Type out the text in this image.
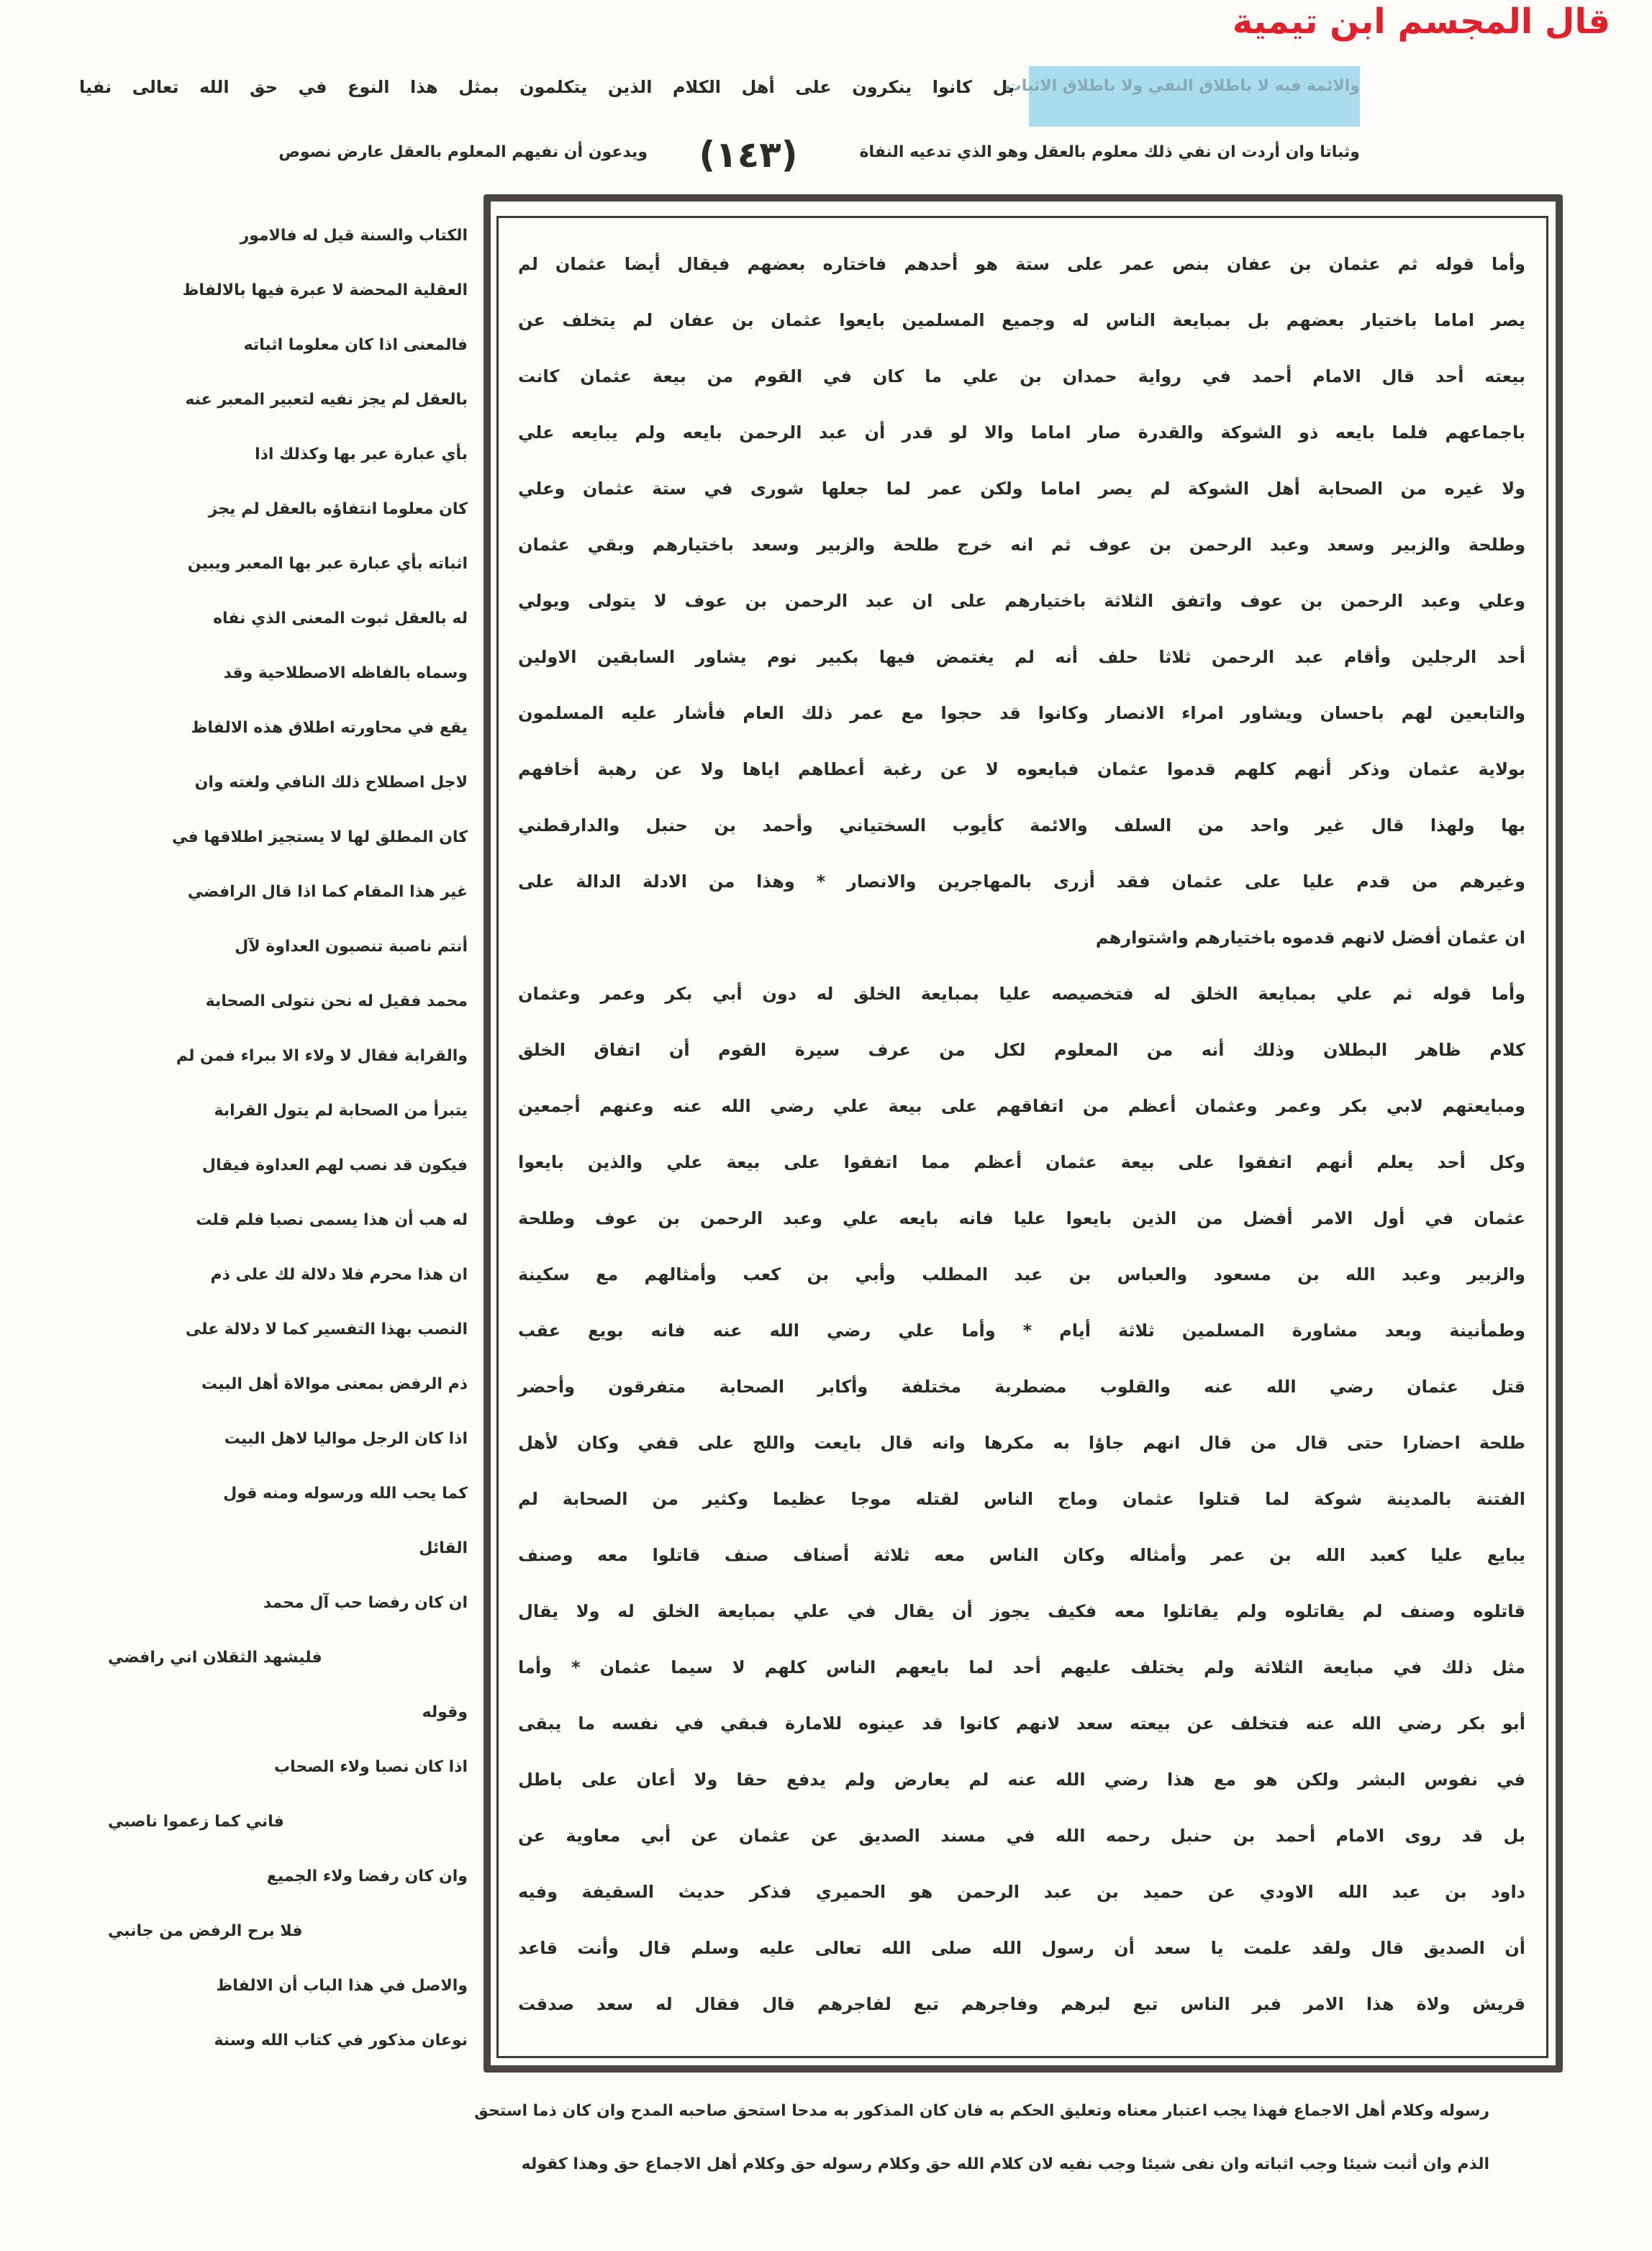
قال المجسم ابن تيمية
والائمة فيه لا باطلاق النفي ولا باطلاق الاثبات
بل كانوا ينكرون على أهل الكلام الذين يتكلمون بمثل هذا النوع في حق الله تعالى نفيا
وثباتا وان أردت ان نفي ذلك معلوم بالعقل وهو الذي تدعيه النفاة
(١٤٣)
ويدعون أن نفيهم المعلوم بالعقل عارض نصوص
وأما قوله ثم عثمان بن عفان بنص عمر على ستة هو أحدهم فاختاره بعضهم فيقال أيضا عثمان لم
يصر اماما باختيار بعضهم بل بمبايعة الناس له وجميع المسلمين بايعوا عثمان بن عفان لم يتخلف عن
بيعته أحد قال الامام أحمد في رواية حمدان بن علي ما كان في القوم من بيعة عثمان كانت
باجماعهم فلما بايعه ذو الشوكة والقدرة صار اماما والا لو قدر أن عبد الرحمن بايعه ولم يبايعه علي
ولا غيره من الصحابة أهل الشوكة لم يصر اماما ولكن عمر لما جعلها شورى في ستة عثمان وعلي
وطلحة والزبير وسعد وعبد الرحمن بن عوف ثم انه خرج طلحة والزبير وسعد باختيارهم وبقي عثمان
وعلي وعبد الرحمن بن عوف واتفق الثلاثة باختيارهم على ان عبد الرحمن بن عوف لا يتولى ويولي
أحد الرجلين وأقام عبد الرحمن ثلاثا حلف أنه لم يغتمض فيها بكبير نوم يشاور السابقين الاولين
والتابعين لهم باحسان ويشاور امراء الانصار وكانوا قد حجوا مع عمر ذلك العام فأشار عليه المسلمون
بولاية عثمان وذكر أنهم كلهم قدموا عثمان فبايعوه لا عن رغبة أعطاهم اياها ولا عن رهبة أخافهم
بها ولهذا قال غير واحد من السلف والائمة كأيوب السختياني وأحمد بن حنبل والدارقطني
وغيرهم من قدم عليا على عثمان فقد أزرى بالمهاجرين والانصار * وهذا من الادلة الدالة على
ان عثمان أفضل لانهم قدموه باختيارهم واشتوارهم
وأما قوله ثم علي بمبايعة الخلق له فتخصيصه عليا بمبايعة الخلق له دون أبي بكر وعمر وعثمان
كلام ظاهر البطلان وذلك أنه من المعلوم لكل من عرف سيرة القوم أن اتفاق الخلق
ومبايعتهم لابي بكر وعمر وعثمان أعظم من اتفاقهم على بيعة علي رضي الله عنه وعنهم أجمعين
وكل أحد يعلم أنهم اتفقوا على بيعة عثمان أعظم مما اتفقوا على بيعة علي والذين بايعوا
عثمان في أول الامر أفضل من الذين بايعوا عليا فانه بايعه علي وعبد الرحمن بن عوف وطلحة
والزبير وعبد الله بن مسعود والعباس بن عبد المطلب وأبي بن كعب وأمثالهم مع سكينة
وطمأنينة وبعد مشاورة المسلمين ثلاثة أيام * وأما علي رضي الله عنه فانه بويع عقب
قتل عثمان رضي الله عنه والقلوب مضطربة مختلفة وأكابر الصحابة متفرقون وأحضر
طلحة احضارا حتى قال من قال انهم جاؤا به مكرها وانه قال بايعت واللج على قفي وكان لأهل
الفتنة بالمدينة شوكة لما قتلوا عثمان وماج الناس لقتله موجا عظيما وكثير من الصحابة لم
يبايع عليا كعبد الله بن عمر وأمثاله وكان الناس معه ثلاثة أصناف صنف قاتلوا معه وصنف
قاتلوه وصنف لم يقاتلوه ولم يقاتلوا معه فكيف يجوز أن يقال في علي بمبايعة الخلق له ولا يقال
مثل ذلك في مبايعة الثلاثة ولم يختلف عليهم أحد لما بايعهم الناس كلهم لا سيما عثمان * وأما
أبو بكر رضي الله عنه فتخلف عن بيعته سعد لانهم كانوا قد عينوه للامارة فبقي في نفسه ما يبقى
في نفوس البشر ولكن هو مع هذا رضي الله عنه لم يعارض ولم يدفع حقا ولا أعان على باطل
بل قد روى الامام أحمد بن حنبل رحمه الله في مسند الصديق عن عثمان عن أبي معاوية عن
داود بن عبد الله الاودي عن حميد بن عبد الرحمن هو الحميري فذكر حديث السقيفة وفيه
أن الصديق قال ولقد علمت يا سعد أن رسول الله صلى الله تعالى عليه وسلم قال وأنت قاعد
قريش ولاة هذا الامر فبر الناس تبع لبرهم وفاجرهم تبع لفاجرهم قال فقال له سعد صدقت
الكتاب والسنة قيل له فالامور
العقلية المحضة لا عبرة فيها بالالفاظ
فالمعنى اذا كان معلوما اثباته
بالعقل لم يجز نفيه لتعبير المعبر عنه
بأي عبارة عبر بها وكذلك اذا
كان معلوما انتفاؤه بالعقل لم يجز
اثباته بأي عبارة عبر بها المعبر ويبين
له بالعقل ثبوت المعنى الذي نفاه
وسماه بالفاظه الاصطلاحية وقد
يقع في محاورته اطلاق هذه الالفاظ
لاجل اصطلاح ذلك النافي ولغته وان
كان المطلق لها لا يستجيز اطلاقها في
غير هذا المقام كما اذا قال الرافضي
أنتم ناصبة تنصبون العداوة لآل
محمد فقيل له نحن نتولى الصحابة
والقرابة فقال لا ولاء الا ببراء فمن لم
يتبرأ من الصحابة لم يتول القرابة
فيكون قد نصب لهم العداوة فيقال
له هب أن هذا يسمى نصبا فلم قلت
ان هذا محرم فلا دلالة لك على ذم
النصب بهذا التفسير كما لا دلالة على
ذم الرفض بمعنى موالاة أهل البيت
اذا كان الرجل مواليا لاهل البيت
كما يحب الله ورسوله ومنه قول
القائل
ان كان رفضا حب آل محمد
فليشهد الثقلان اني رافضي
وقوله
اذا كان نصبا ولاء الصحاب
فاني كما زعموا ناصبي
وان كان رفضا ولاء الجميع
فلا برح الرفض من جانبي
والاصل في هذا الباب أن الالفاظ
نوعان مذكور في كتاب الله وسنة
رسوله وكلام أهل الاجماع فهذا يجب اعتبار معناه وتعليق الحكم به فان كان المذكور به مدحا استحق صاحبه المدح وان كان ذما استحق
الذم وان أثبت شيئا وجب اثباته وان نفى شيئا وجب نفيه لان كلام الله حق وكلام رسوله حق وكلام أهل الاجماع حق وهذا كقوله
